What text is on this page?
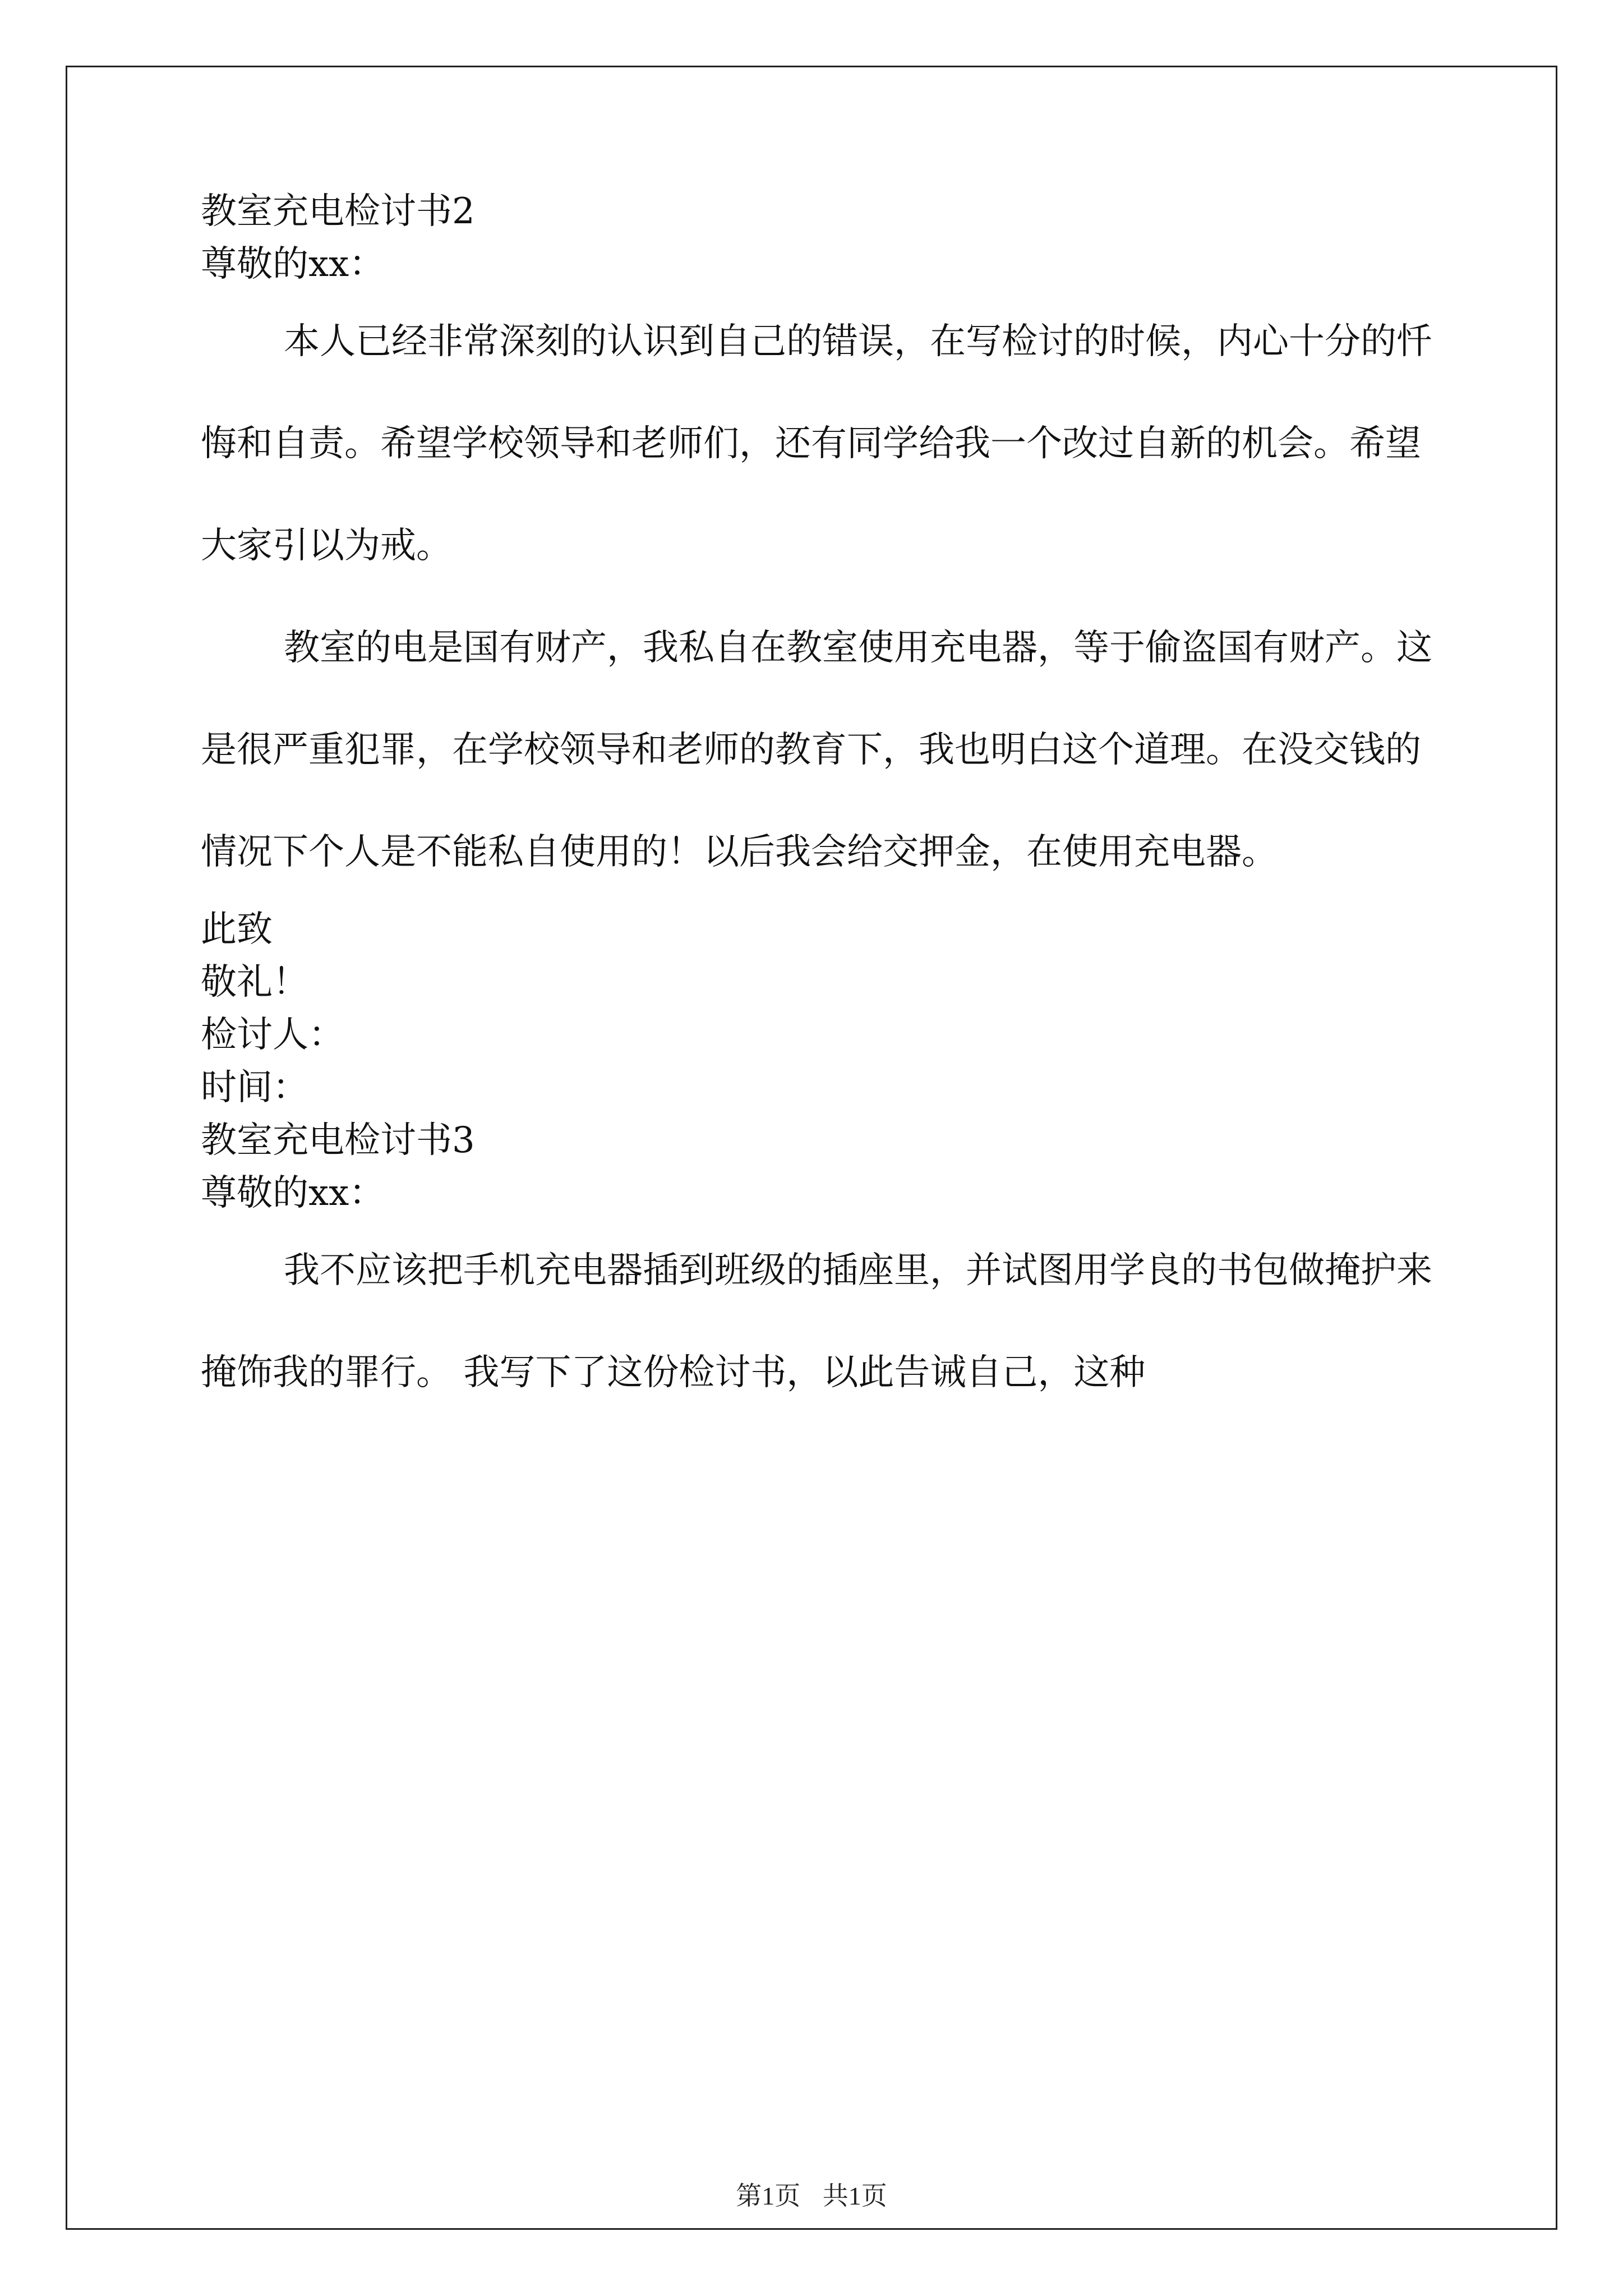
教室充电检讨书2

尊敬的xx：

本人已经非常深刻的认识到自己的错误，在写检讨的时候，内心十分的忏悔和自责。希望学校领导和老师们，还有同学给我一个改过自新的机会。希望大家引以为戒。

教室的电是国有财产，我私自在教室使用充电器，等于偷盗国有财产。这是很严重犯罪，在学校领导和老师的教育下，我也明白这个道理。在没交钱的情况下个人是不能私自使用的！以后我会给交押金，在使用充电器。

此致

敬礼！

检讨人：

时间：

教室充电检讨书3

尊敬的xx：

我不应该把手机充电器插到班级的插座里，并试图用学良的书包做掩护来掩饰我的罪行。 我写下了这份检讨书，以此告诫自己，这种

第1页 共1页
